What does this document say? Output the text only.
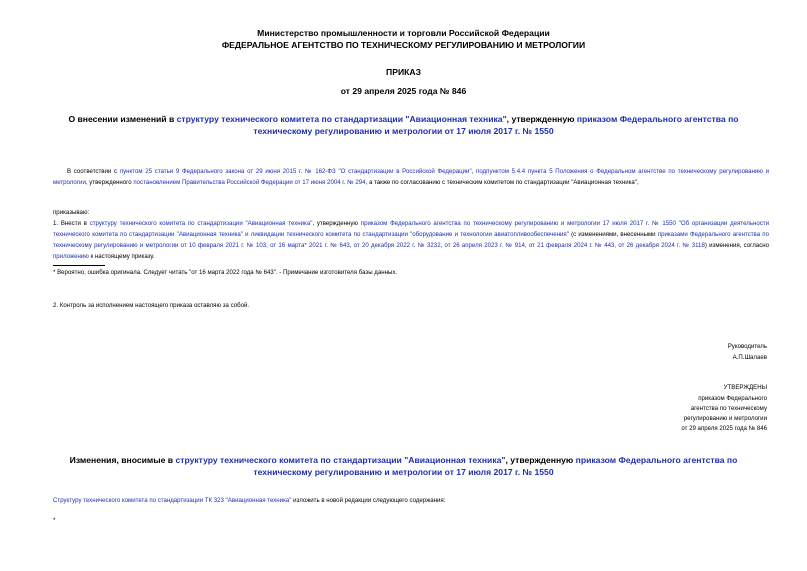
Министерство промышленности и торговли Российской Федерации
ФЕДЕРАЛЬНОЕ АГЕНТСТВО ПО ТЕХНИЧЕСКОМУ РЕГУЛИРОВАНИЮ И МЕТРОЛОГИИ
ПРИКАЗ
от 29 апреля 2025 года № 846
О внесении изменений в структуру технического комитета по стандартизации "Авиационная техника", утвержденную приказом Федерального агентства по
техническому регулированию и метрологии от 17 июля 2017 г. № 1550
В соответствии с пунктом 25 статьи 9 Федерального закона от 29 июня 2015 г. № 162-ФЗ "О стандартизации в Российской Федерации", подпунктом 5.4.4 пункта 5 Положения о Федеральном агентстве по техническому регулированию и метрологии, утвержденного постановлением Правительства Российской Федерации от 17 июня 2004 г. № 294, а также по согласованию с техническим комитетом по стандартизации "Авиационная техника",
приказываю:
1. Внести в структуру технического комитета по стандартизации "Авиационная техника", утвержденную приказом Федерального агентства по техническому регулированию и метрологии 17 июля 2017 г. № 1550 "Об организации деятельности технического комитета по стандартизации "Авиационная техника" и ликвидации технического комитета по стандартизации "оборудование и технологии авиатопливообеспечения" (с изменениями, внесенными приказами Федерального агентства по техническому регулированию и метрологии от 10 февраля 2021 г. № 103, от 16 марта* 2021 г. № 643, от 20 декабря 2022 г. № 3232, от 26 апреля 2023 г. № 914, от 21 февраля 2024 г. № 443, от 26 декабря 2024 г. № 3118) изменения, согласно приложению к настоящему приказу.
* Вероятно, ошибка оригинала. Следует читать "от 16 марта 2022 года № 643". - Примечание изготовителя базы данных.
2. Контроль за исполнением настоящего приказа оставляю за собой.
Руководитель
А.П.Шалаев
УТВЕРЖДЕНЫ
приказом Федерального
агентства по техническому
регулированию и метрологии
от 29 апреля 2025 года № 846
Изменения, вносимые в структуру технического комитета по стандартизации "Авиационная техника", утвержденную приказом Федерального агентства по
техническому регулированию и метрологии от 17 июля 2017 г. № 1550
Структуру технического комитета по стандартизации ТК 323 "Авиационная техника" изложить в новой редакции следующего содержания:
*
